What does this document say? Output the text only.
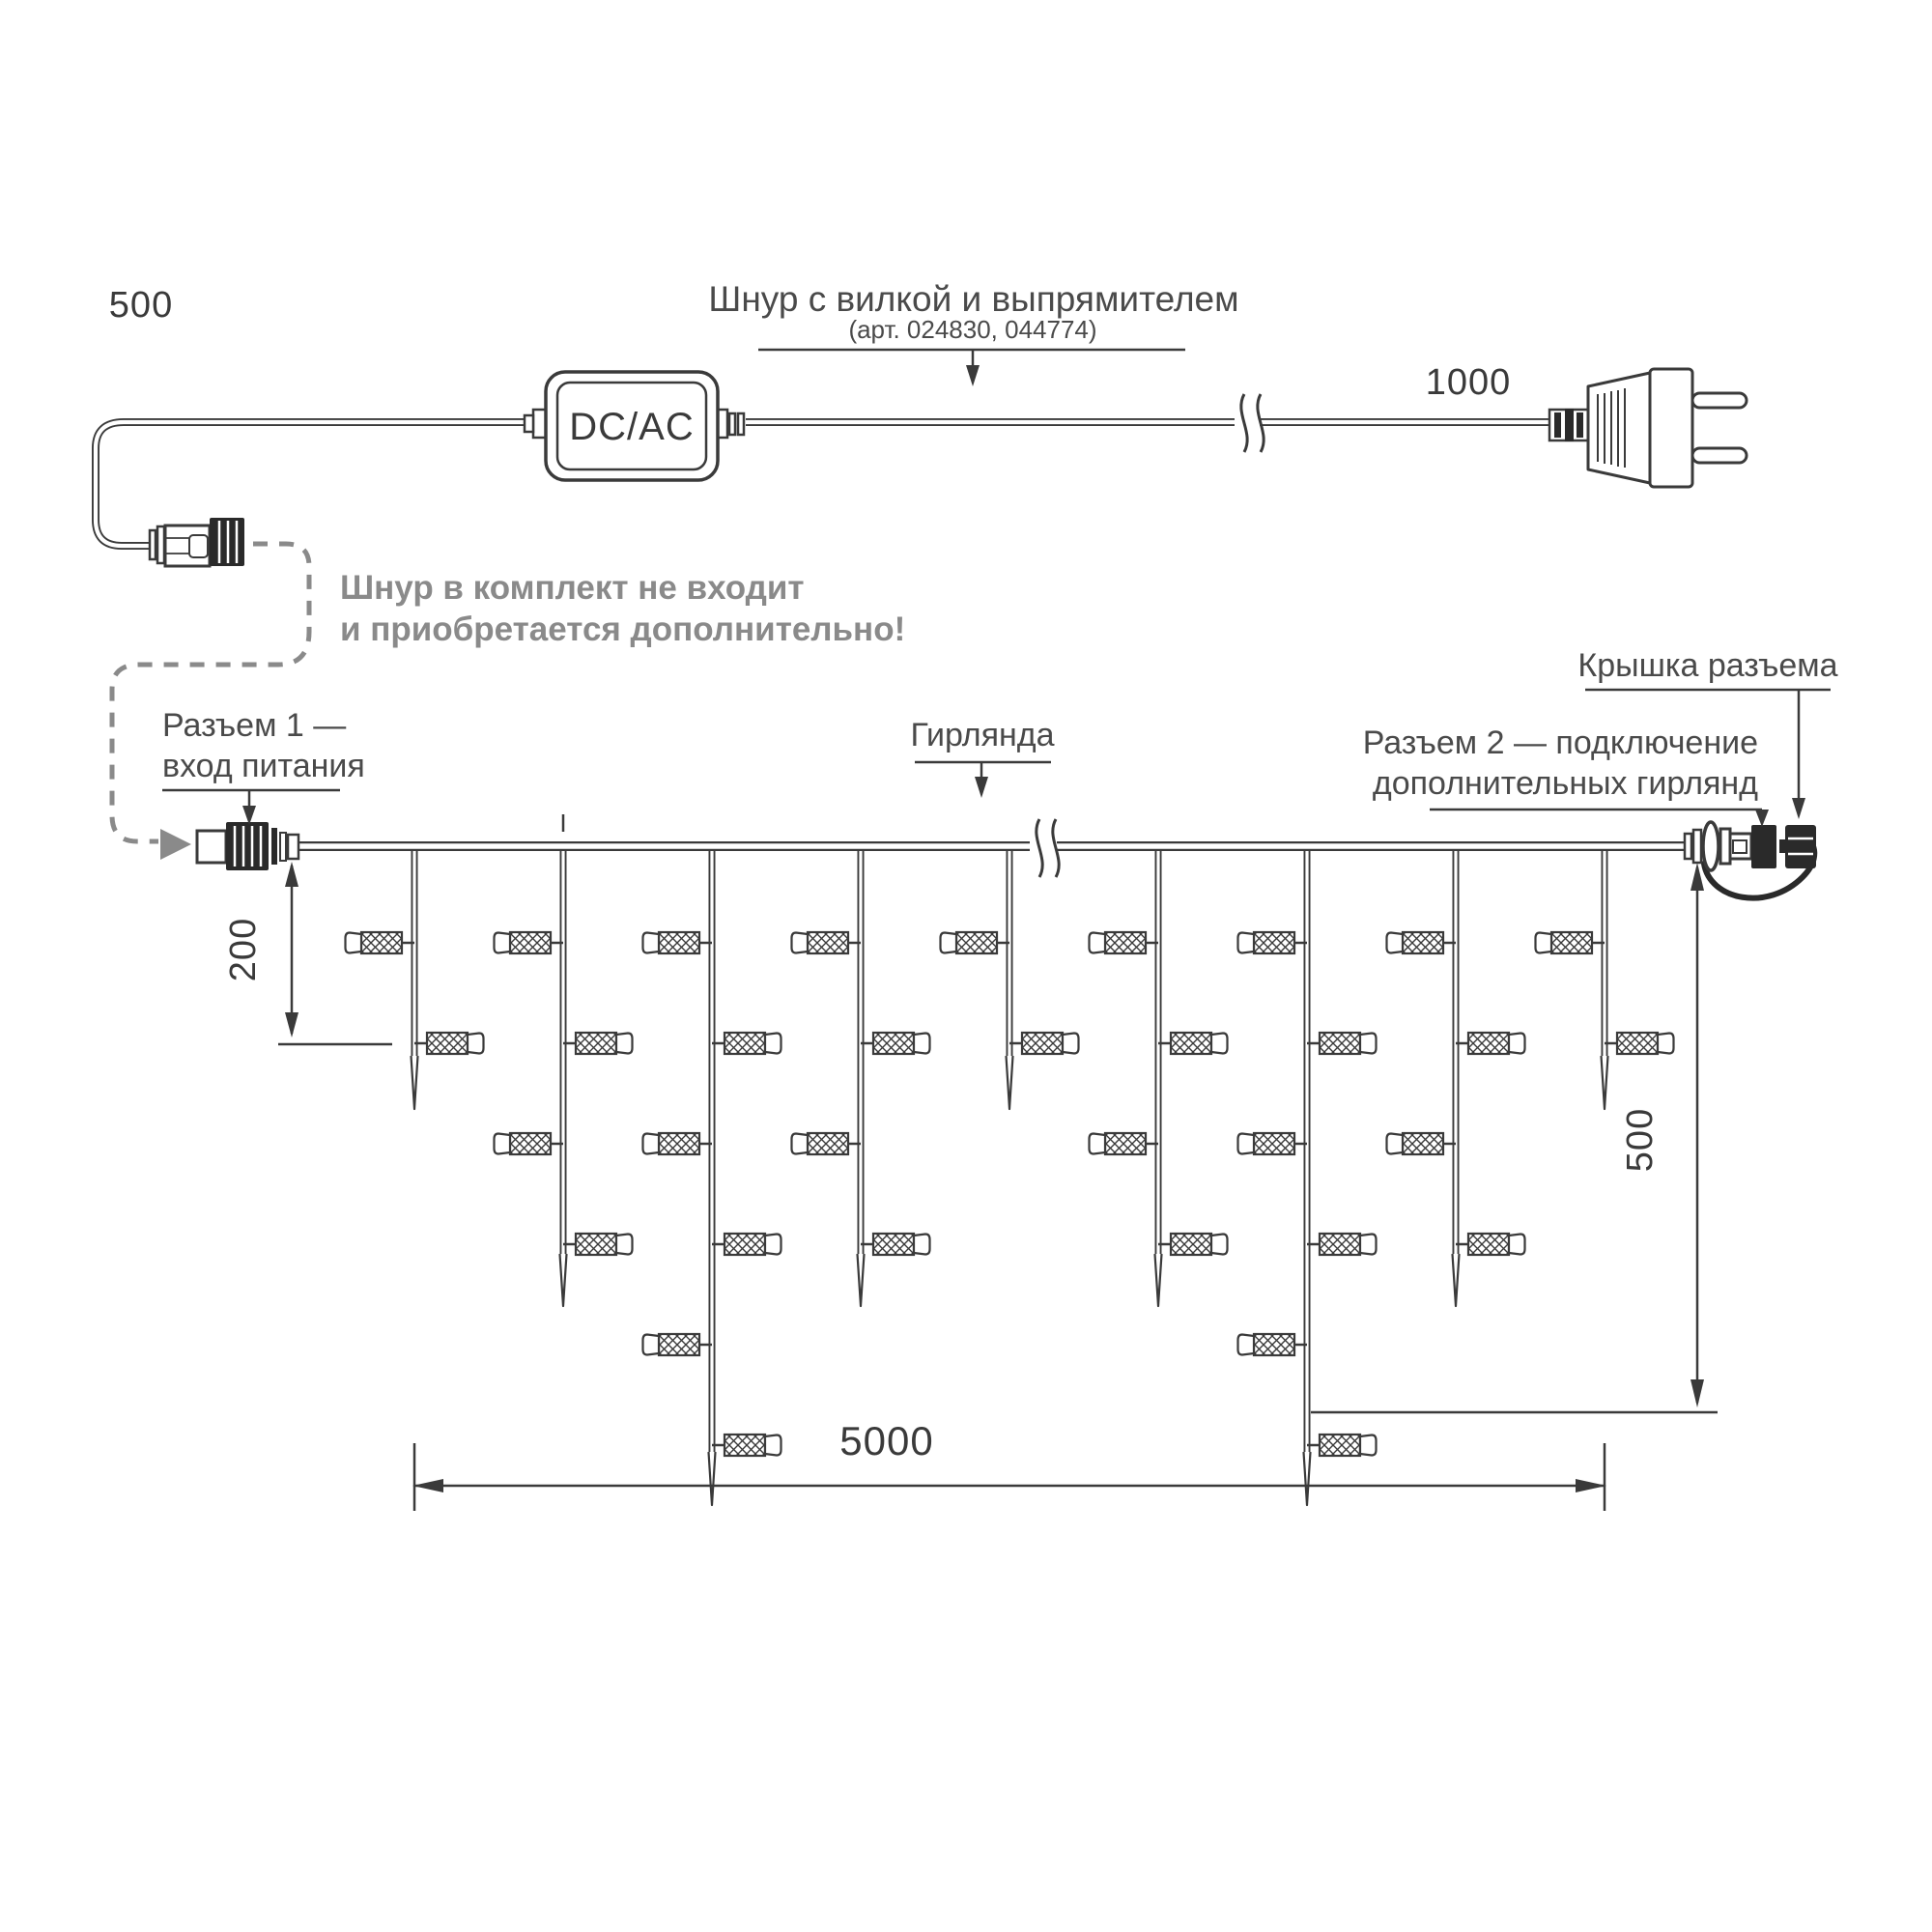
Шнур с вилкой и выпрямителем
(арт. 024830, 044774)
500
1000
DC/AC
Шнур в комплект не входит
и приобретается дополнительно!
Разъем 1 —
вход питания
Гирлянда	Разъем 2 — подключение
дополнительных гирлянд
Крышка разъема
200
500
5000
